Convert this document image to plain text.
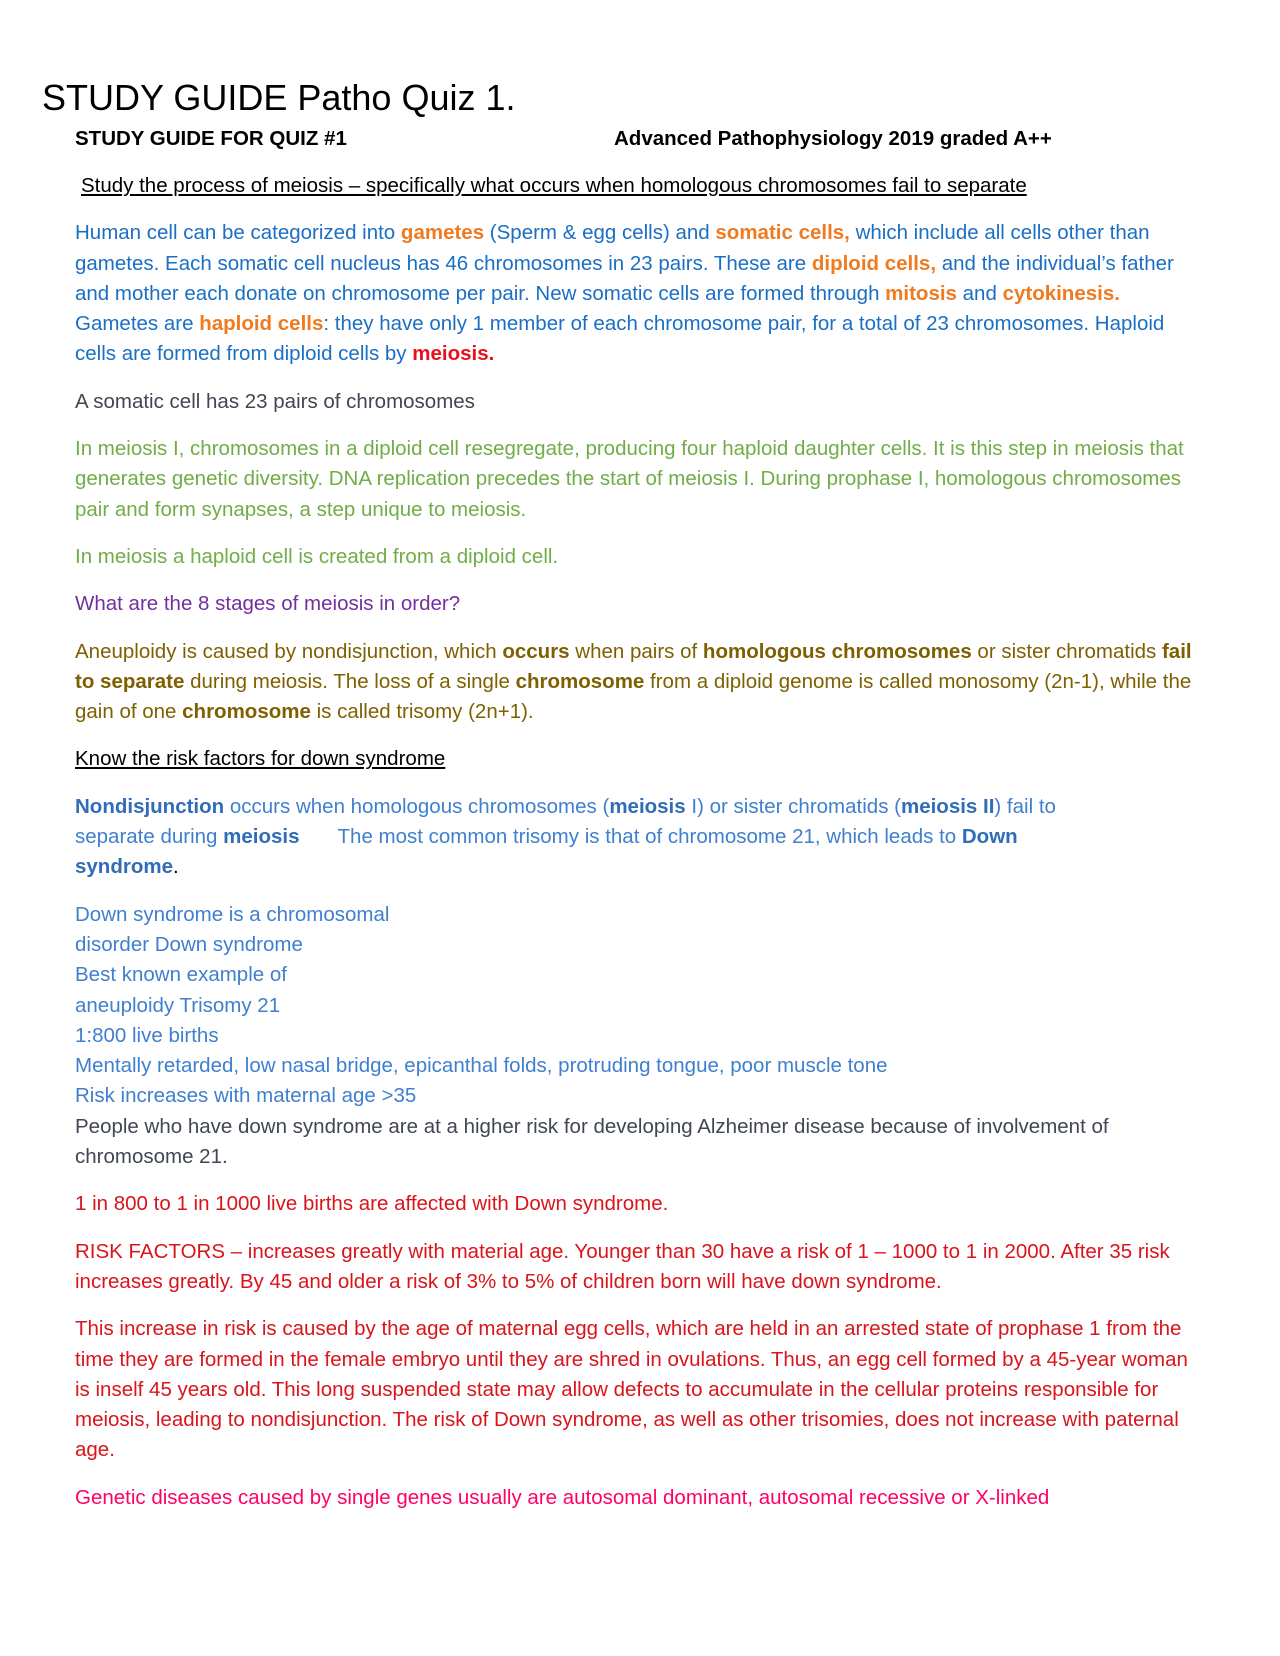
STUDY GUIDE Patho Quiz 1.
STUDY GUIDE FOR QUIZ #1	Advanced Pathophysiology 2019 graded A++

Study the process of meiosis – specifically what occurs when homologous chromosomes fail to separate

Human cell can be categorized into gametes (Sperm & egg cells) and somatic cells, which include all cells other than gametes. Each somatic cell nucleus has 46 chromosomes in 23 pairs. These are diploid cells, and the individual’s father and mother each donate on chromosome per pair. New somatic cells are formed through mitosis and cytokinesis. Gametes are haploid cells: they have only 1 member of each chromosome pair, for a total of 23 chromosomes. Haploid cells are formed from diploid cells by meiosis.

A somatic cell has 23 pairs of chromosomes

In meiosis I, chromosomes in a diploid cell resegregate, producing four haploid daughter cells. It is this step in meiosis that generates genetic diversity. DNA replication precedes the start of meiosis I. During prophase I, homologous chromosomes pair and form synapses, a step unique to meiosis.

In meiosis a haploid cell is created from a diploid cell.

What are the 8 stages of meiosis in order?

Aneuploidy is caused by nondisjunction, which occurs when pairs of homologous chromosomes or sister chromatids fail to separate during meiosis. The loss of a single chromosome from a diploid genome is called monosomy (2n-1), while the gain of one chromosome is called trisomy (2n+1).

Know the risk factors for down syndrome

Nondisjunction occurs when homologous chromosomes (meiosis I) or sister chromatids (meiosis II) fail to separate during meiosis The most common trisomy is that of chromosome 21, which leads to Down syndrome.

Down syndrome is a chromosomal
disorder Down syndrome
Best known example of
aneuploidy Trisomy 21
1:800 live births
Mentally retarded, low nasal bridge, epicanthal folds, protruding tongue, poor muscle tone
Risk increases with maternal age >35
People who have down syndrome are at a higher risk for developing Alzheimer disease because of involvement of chromosome 21.

1 in 800 to 1 in 1000 live births are affected with Down syndrome.

RISK FACTORS – increases greatly with material age. Younger than 30 have a risk of 1 – 1000 to 1 in 2000. After 35 risk increases greatly. By 45 and older a risk of 3% to 5% of children born will have down syndrome.

This increase in risk is caused by the age of maternal egg cells, which are held in an arrested state of prophase 1 from the time they are formed in the female embryo until they are shred in ovulations. Thus, an egg cell formed by a 45-year woman is inself 45 years old. This long suspended state may allow defects to accumulate in the cellular proteins responsible for meiosis, leading to nondisjunction. The risk of Down syndrome, as well as other trisomies, does not increase with paternal age.

Genetic diseases caused by single genes usually are autosomal dominant, autosomal recessive or X-linked
